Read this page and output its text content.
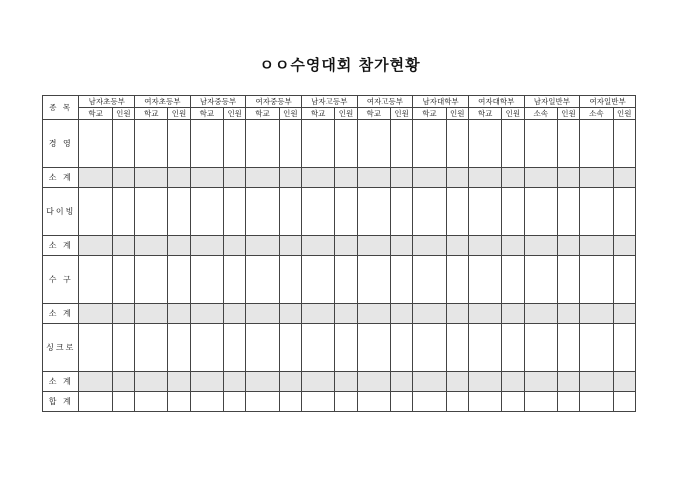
ㅇㅇ수영대회 참가현황
종 목	남자초등부		여자초등부		남자중등부		여자중등부		남자고등부		여자고등부		남자대학부		여자대학부		남자일반부		여자일반부	
	학교	인원	학교	인원	학교	인원	학교	인원	학교	인원	학교	인원	학교	인원	학교	인원	소속	인원	소속	인원
경 영																				
소 계																				
다이빙																				
소 계																				
수 구																				
소 계																				
싱크로																				
소 계																				
합 계																				
